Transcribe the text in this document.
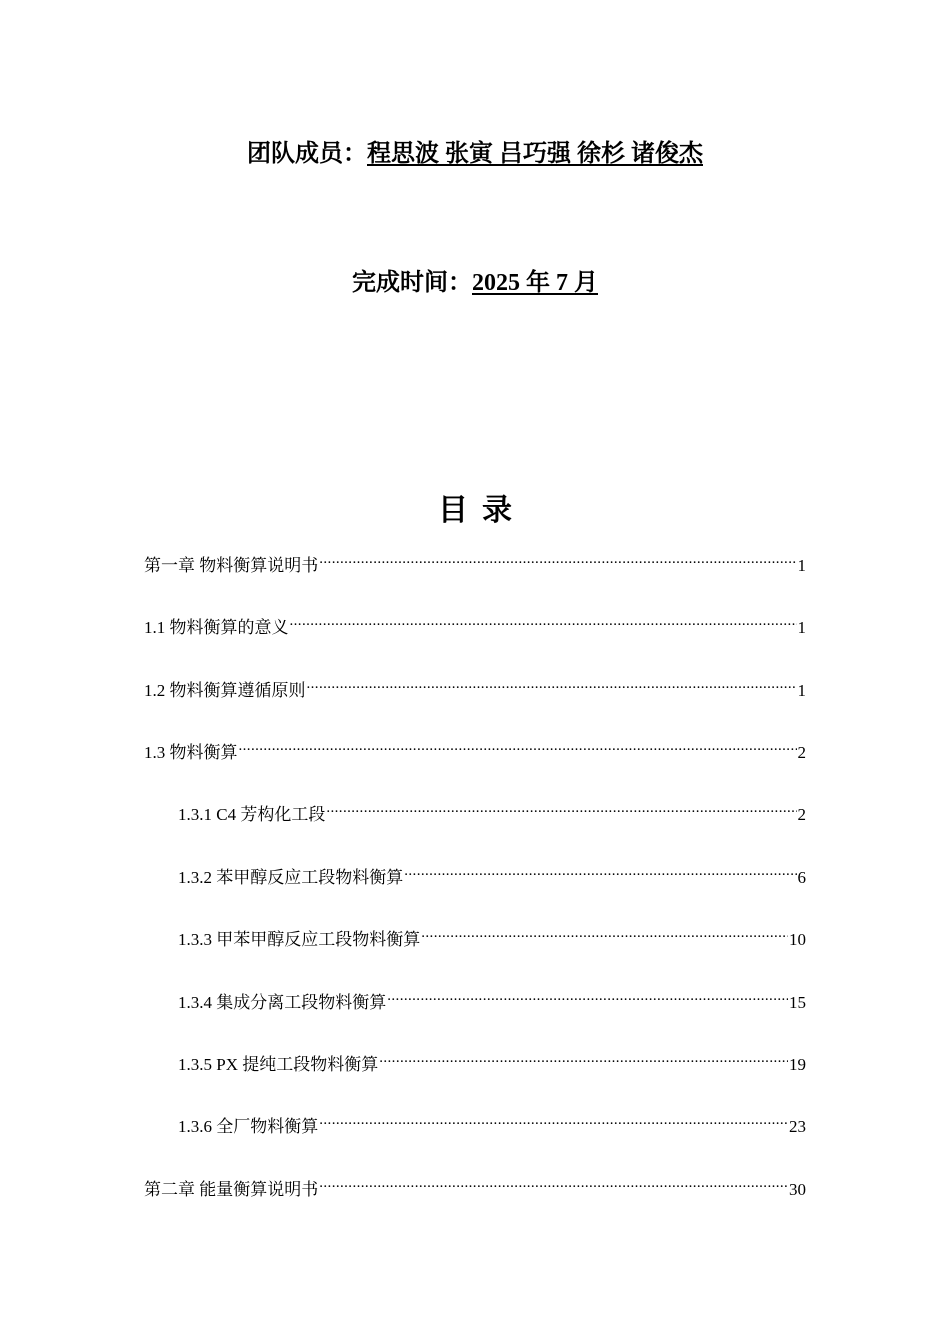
团队成员：程思波 张寅 吕巧强 徐杉 诸俊杰
完成时间：2025 年 7 月
目录
第一章 物料衡算说明书 .....	1
1.1 物料衡算的意义 .....	1
1.2 物料衡算遵循原则 .....	1
1.3 物料衡算 .....	2
1.3.1 C4 芳构化工段 .....	2
1.3.2 苯甲醇反应工段物料衡算 .....	6
1.3.3 甲苯甲醇反应工段物料衡算 .....	10
1.3.4 集成分离工段物料衡算 .....	15
1.3.5 PX 提纯工段物料衡算 .....	19
1.3.6 全厂物料衡算 .....	23
第二章 能量衡算说明书 .....	30
